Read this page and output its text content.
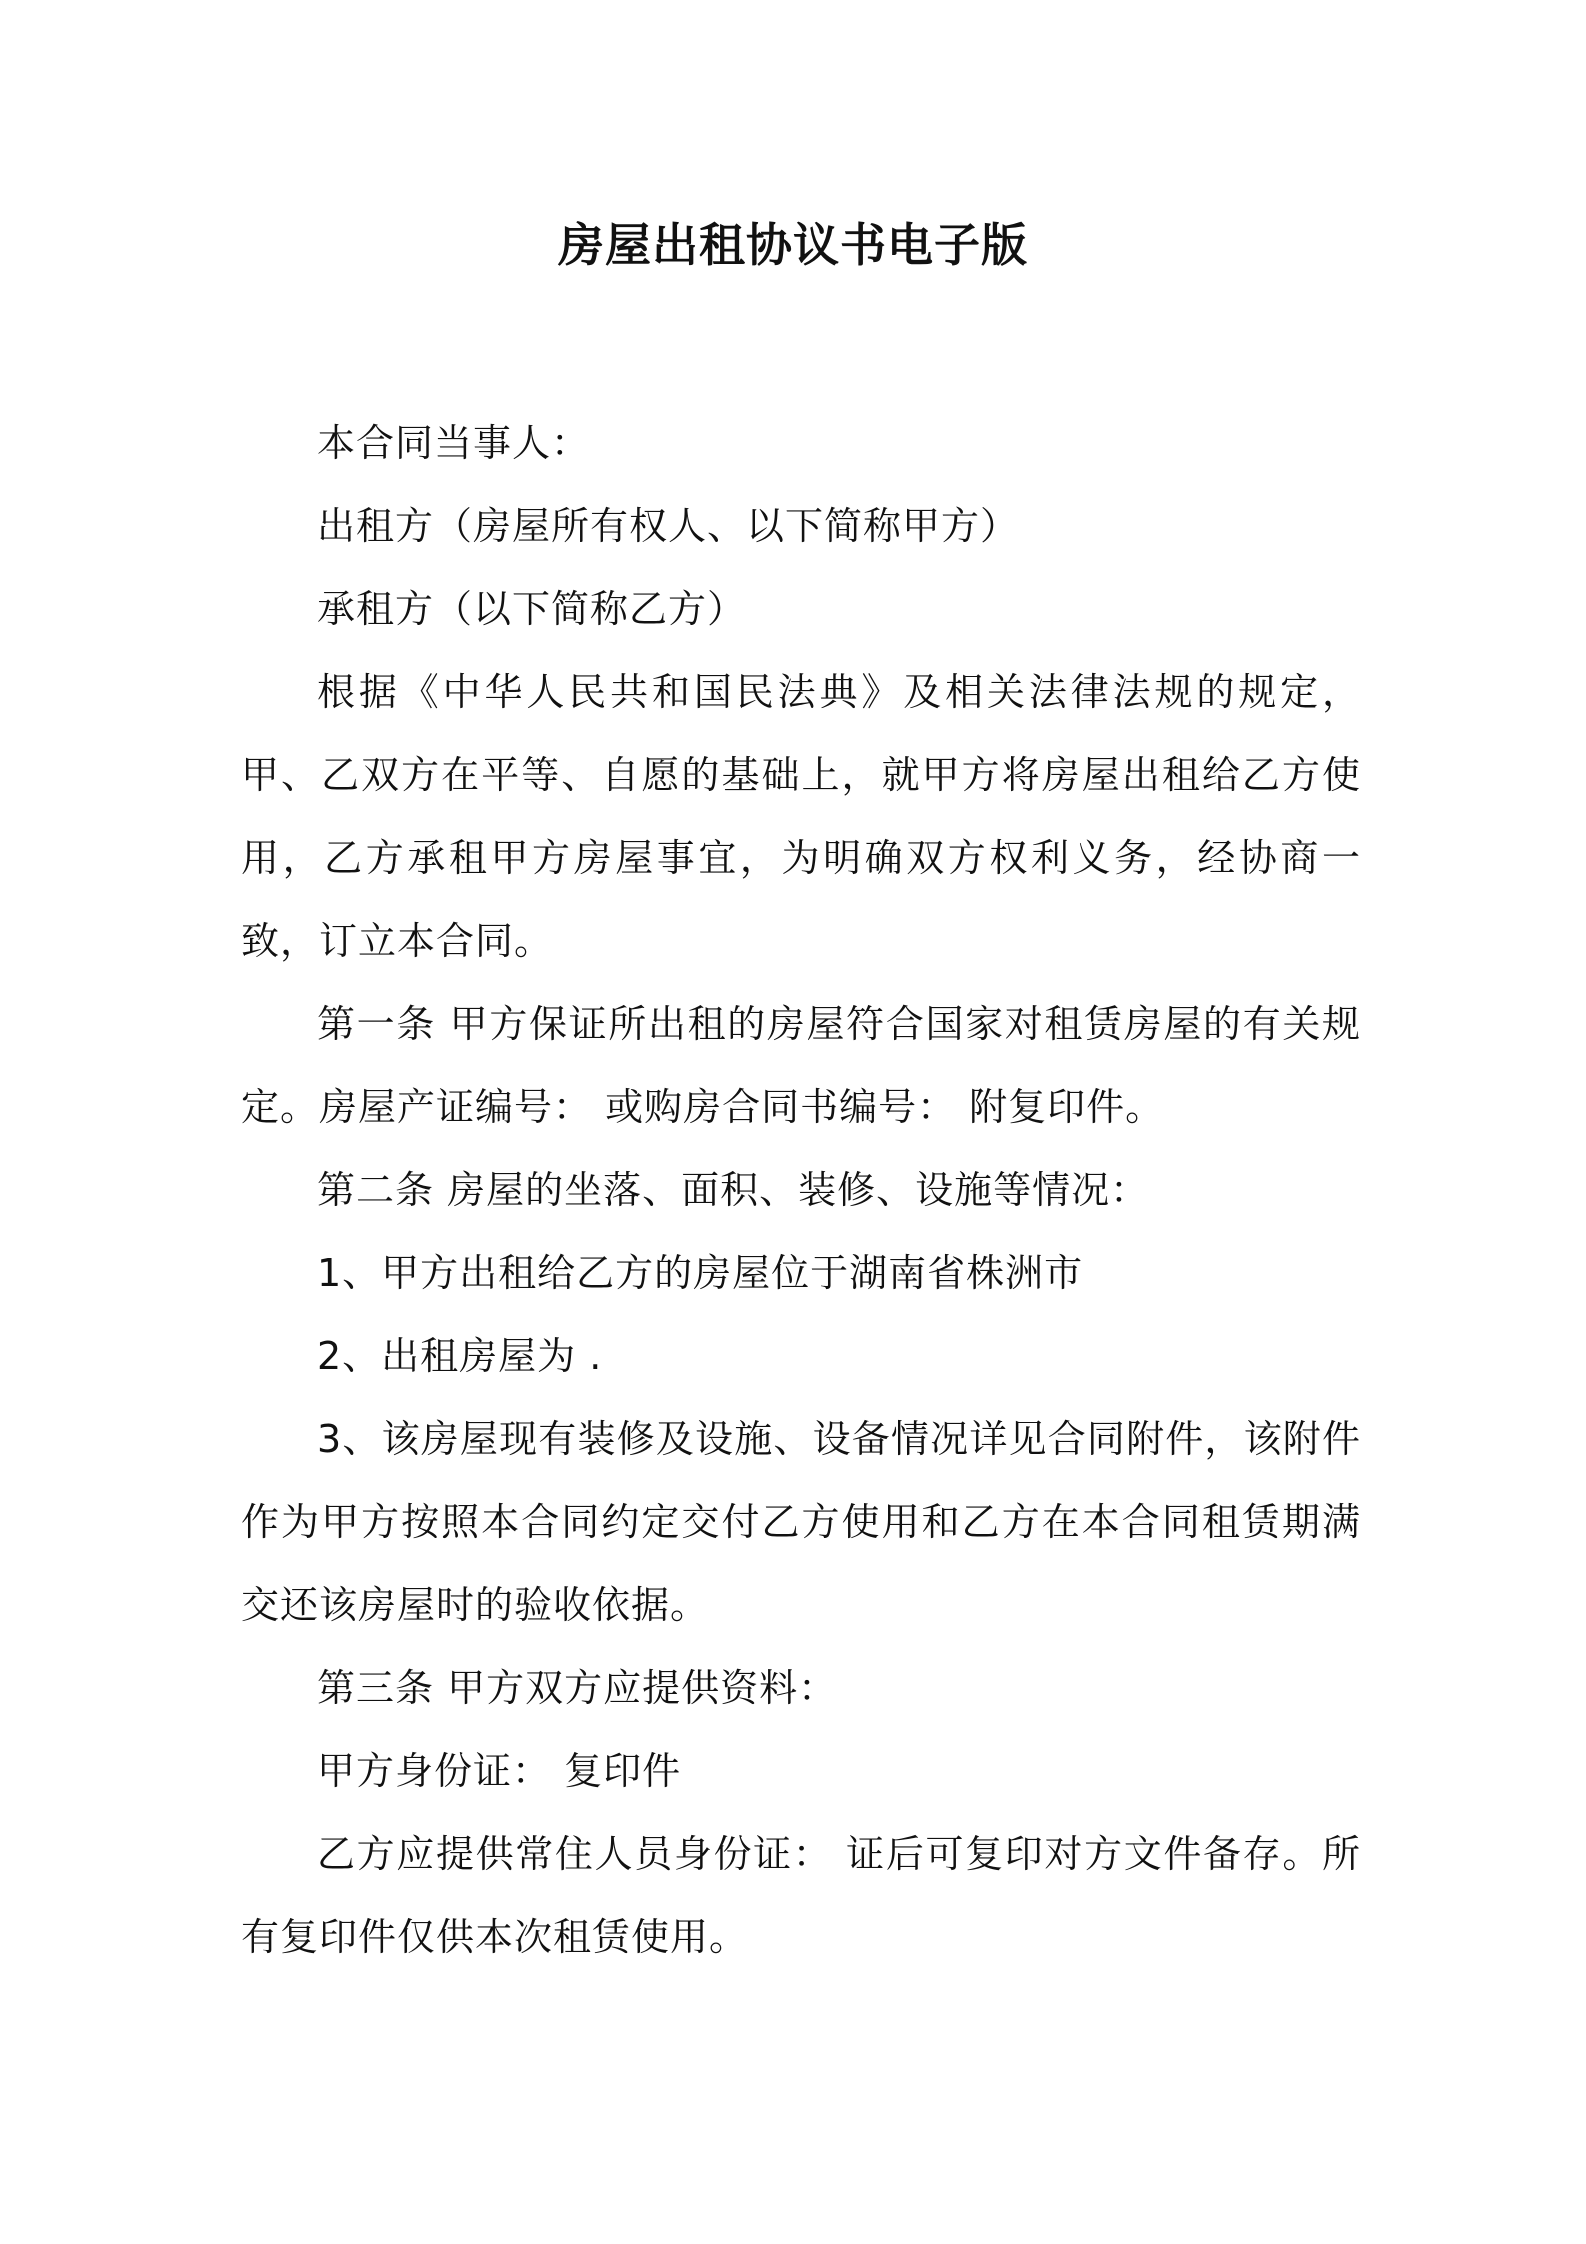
房屋出租协议书电子版

本合同当事人：

出租方（房屋所有权人、以下简称甲方）

承租方（以下简称乙方）

根据《中华人民共和国民法典》及相关法律法规的规定，甲、乙双方在平等、自愿的基础上，就甲方将房屋出租给乙方使用，乙方承租甲方房屋事宜，为明确双方权利义务，经协商一致，订立本合同。

第一条 甲方保证所出租的房屋符合国家对租赁房屋的有关规定。房屋产证编号： 或购房合同书编号： 附复印件。

第二条 房屋的坐落、面积、装修、设施等情况：

1、甲方出租给乙方的房屋位于湖南省株洲市

2、出租房屋为 .

3、该房屋现有装修及设施、设备情况详见合同附件，该附件作为甲方按照本合同约定交付乙方使用和乙方在本合同租赁期满交还该房屋时的验收依据。

第三条 甲方双方应提供资料：

甲方身份证： 复印件

乙方应提供常住人员身份证： 证后可复印对方文件备存。所有复印件仅供本次租赁使用。
